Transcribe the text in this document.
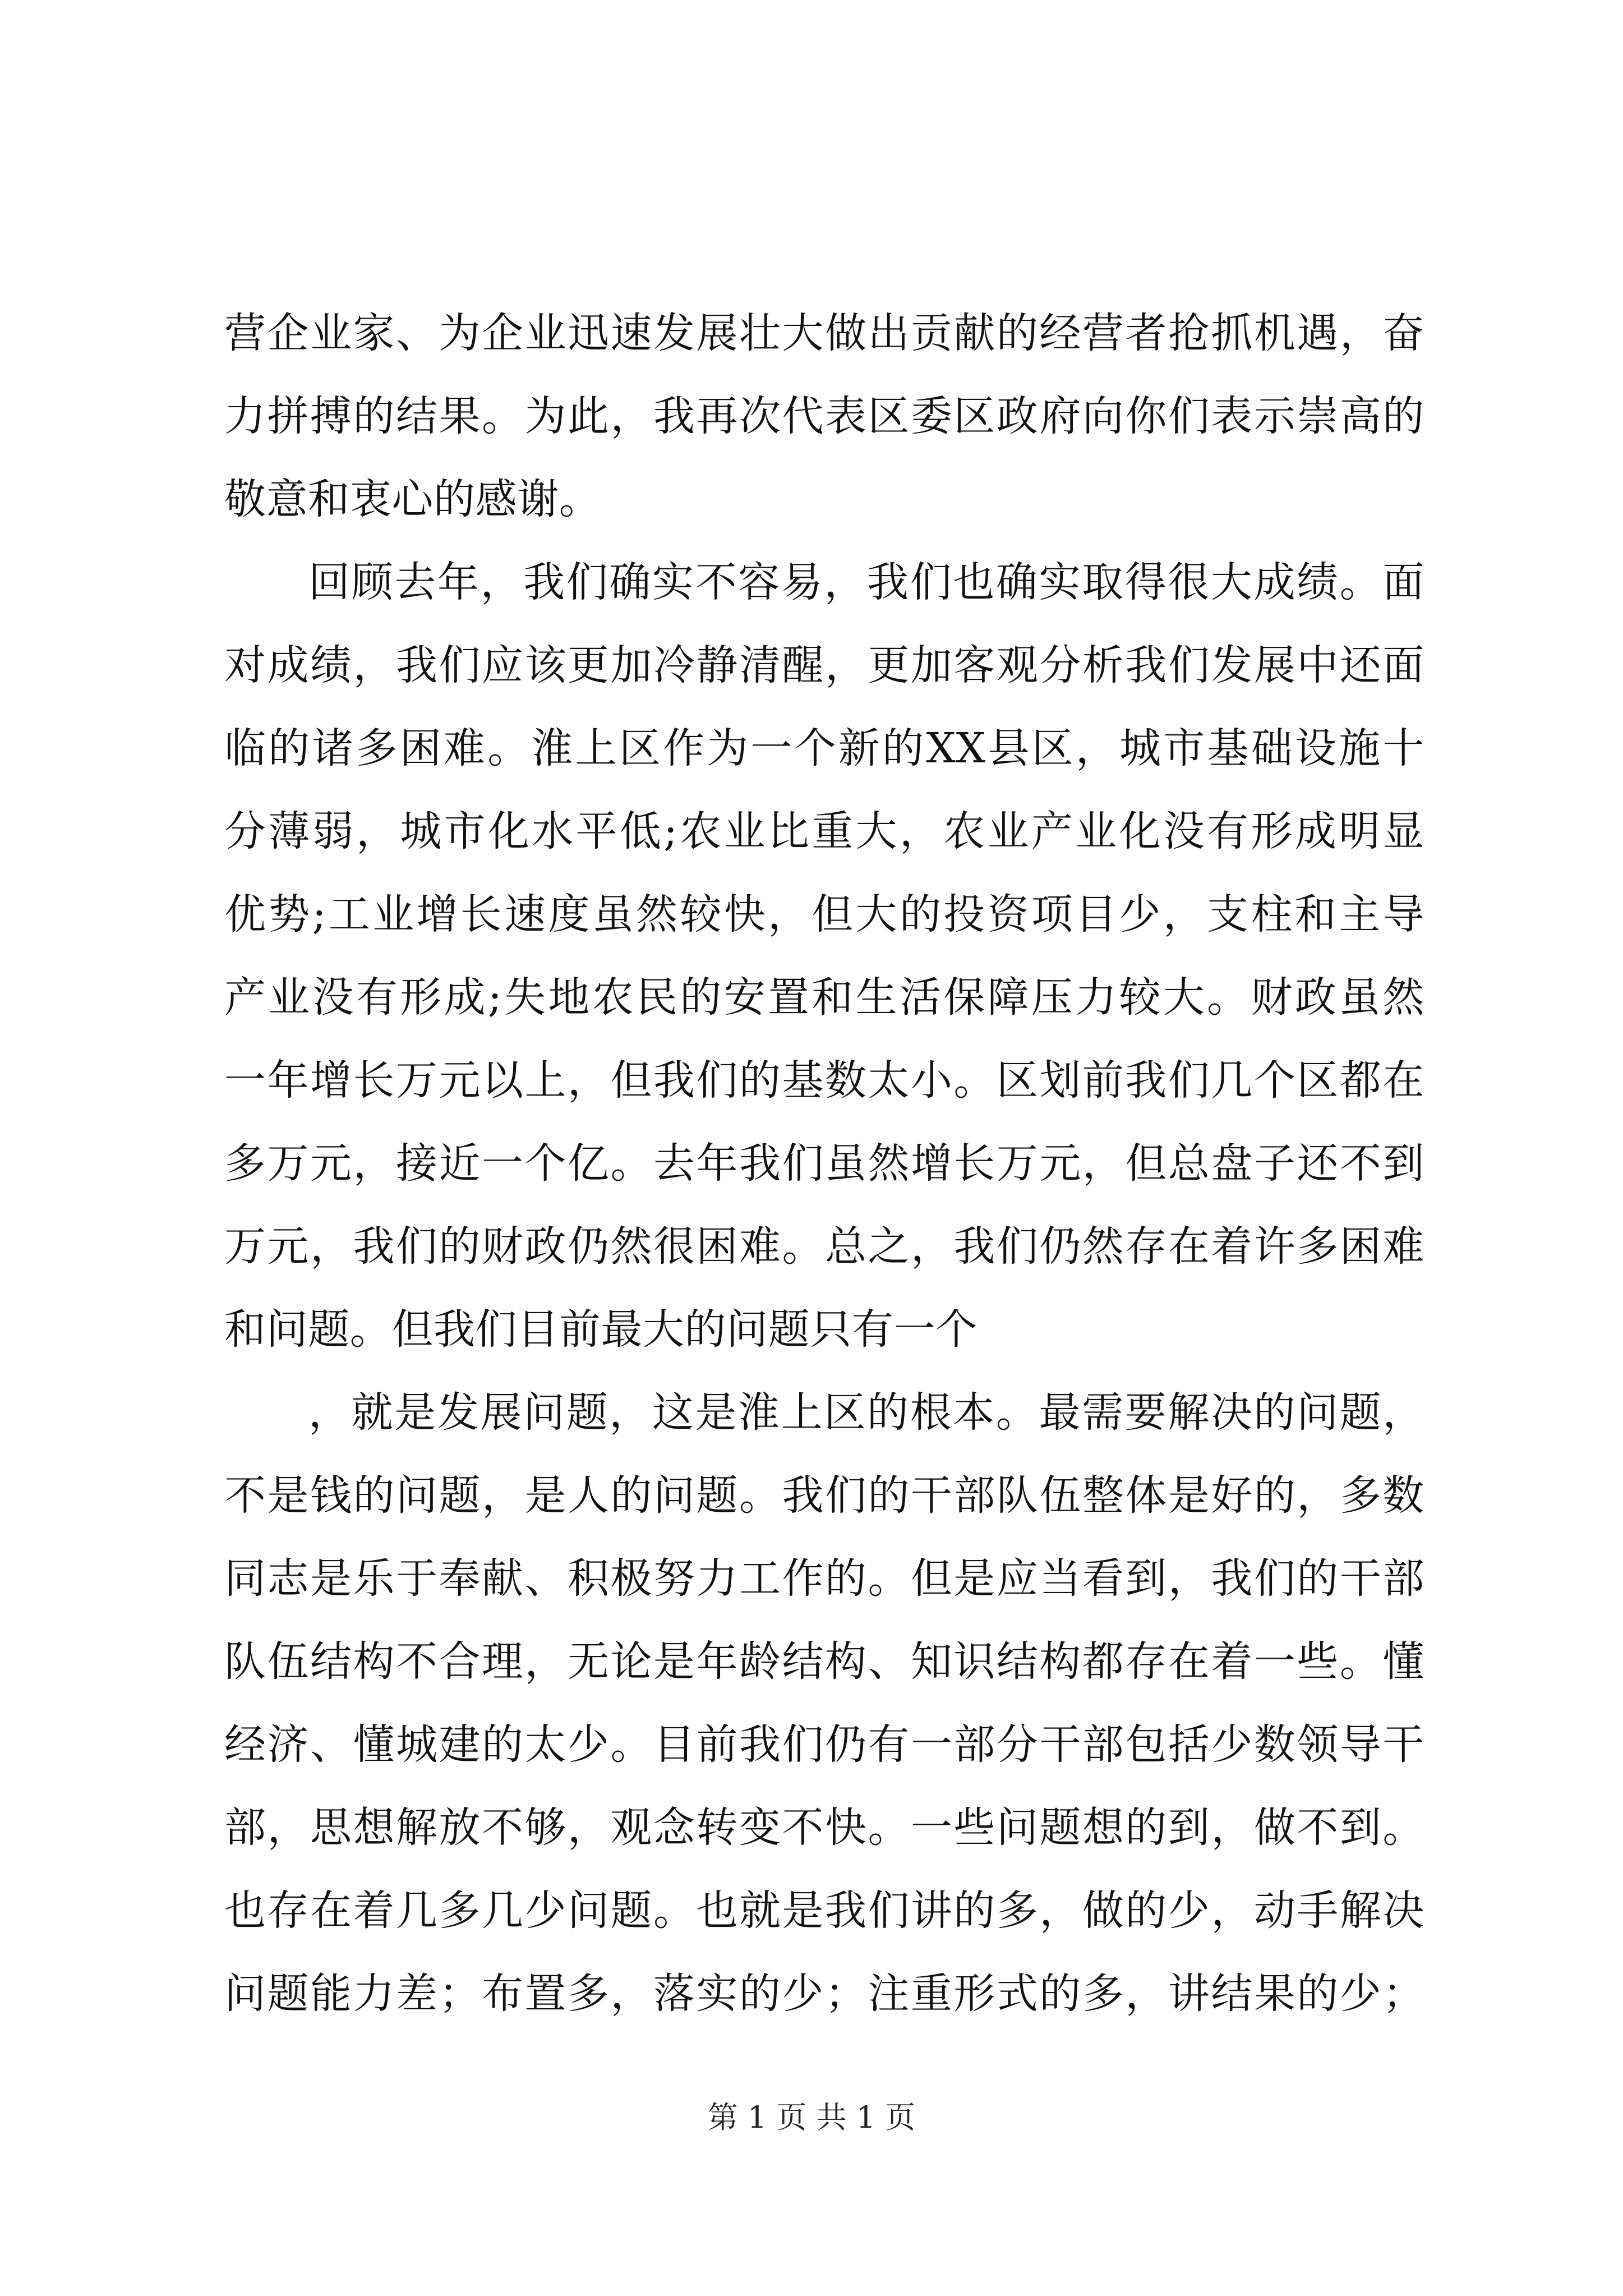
营企业家、为企业迅速发展壮大做出贡献的经营者抢抓机遇，奋
力拼搏的结果。为此，我再次代表区委区政府向你们表示崇高的
敬意和衷心的感谢。
回顾去年，我们确实不容易，我们也确实取得很大成绩。面
对成绩，我们应该更加冷静清醒，更加客观分析我们发展中还面
临的诸多困难。淮上区作为一个新的XX县区，城市基础设施十
分薄弱，城市化水平低;农业比重大，农业产业化没有形成明显
优势;工业增长速度虽然较快，但大的投资项目少，支柱和主导
产业没有形成;失地农民的安置和生活保障压力较大。财政虽然
一年增长万元以上，但我们的基数太小。区划前我们几个区都在
多万元，接近一个亿。去年我们虽然增长万元，但总盘子还不到
万元，我们的财政仍然很困难。总之，我们仍然存在着许多困难
和问题。但我们目前最大的问题只有一个
，就是发展问题，这是淮上区的根本。最需要解决的问题，
不是钱的问题，是人的问题。我们的干部队伍整体是好的，多数
同志是乐于奉献、积极努力工作的。但是应当看到，我们的干部
队伍结构不合理，无论是年龄结构、知识结构都存在着一些。懂
经济、懂城建的太少。目前我们仍有一部分干部包括少数领导干
部，思想解放不够，观念转变不快。一些问题想的到，做不到。
也存在着几多几少问题。也就是我们讲的多，做的少，动手解决
问题能力差；布置多，落实的少；注重形式的多，讲结果的少；
第 1 页 共 1 页
